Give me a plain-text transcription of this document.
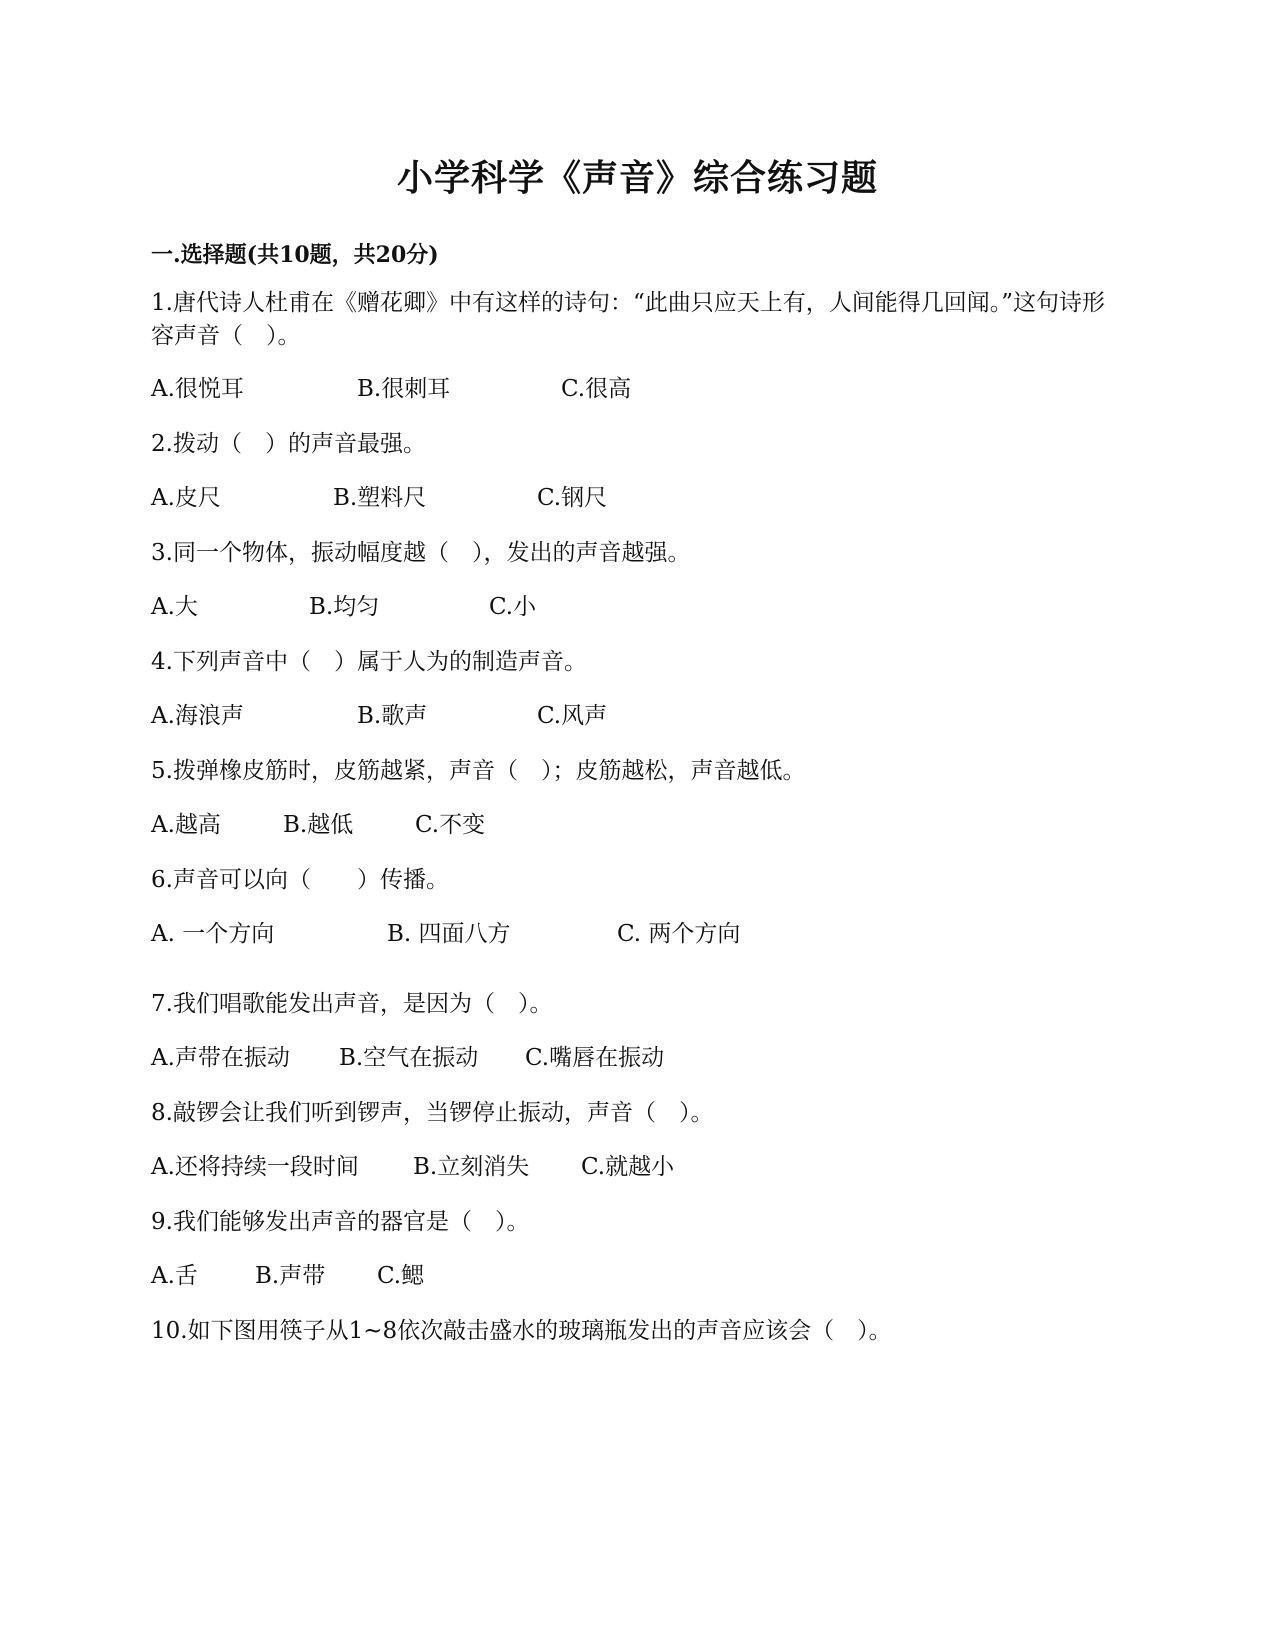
小学科学《声音》综合练习题
一.选择题(共10题，共20分)
1.唐代诗人杜甫在《赠花卿》中有这样的诗句：“此曲只应天上有，人间能得几回闻。”这句诗形容声音（　）。
A.很悦耳	B.很刺耳	C.很高
2.拨动（　）的声音最强。
A.皮尺	B.塑料尺	C.钢尺
3.同一个物体，振动幅度越（　），发出的声音越强。
A.大	B.均匀	C.小
4.下列声音中（　）属于人为的制造声音。
A.海浪声	B.歌声	C.风声
5.拨弹橡皮筋时，皮筋越紧，声音（　）；皮筋越松，声音越低。
A.越高	B.越低	C.不变
6.声音可以向（　　）传播。
A. 一个方向	B. 四面八方	C. 两个方向
7.我们唱歌能发出声音，是因为（　）。
A.声带在振动 B.空气在振动 C.嘴唇在振动
8.敲锣会让我们听到锣声，当锣停止振动，声音（　）。
A.还将持续一段时间 B.立刻消失 C.就越小
9.我们能够发出声音的器官是（　）。
A.舌 B.声带 C.鳃
10.如下图用筷子从1~8依次敲击盛水的玻璃瓶发出的声音应该会（　）。
